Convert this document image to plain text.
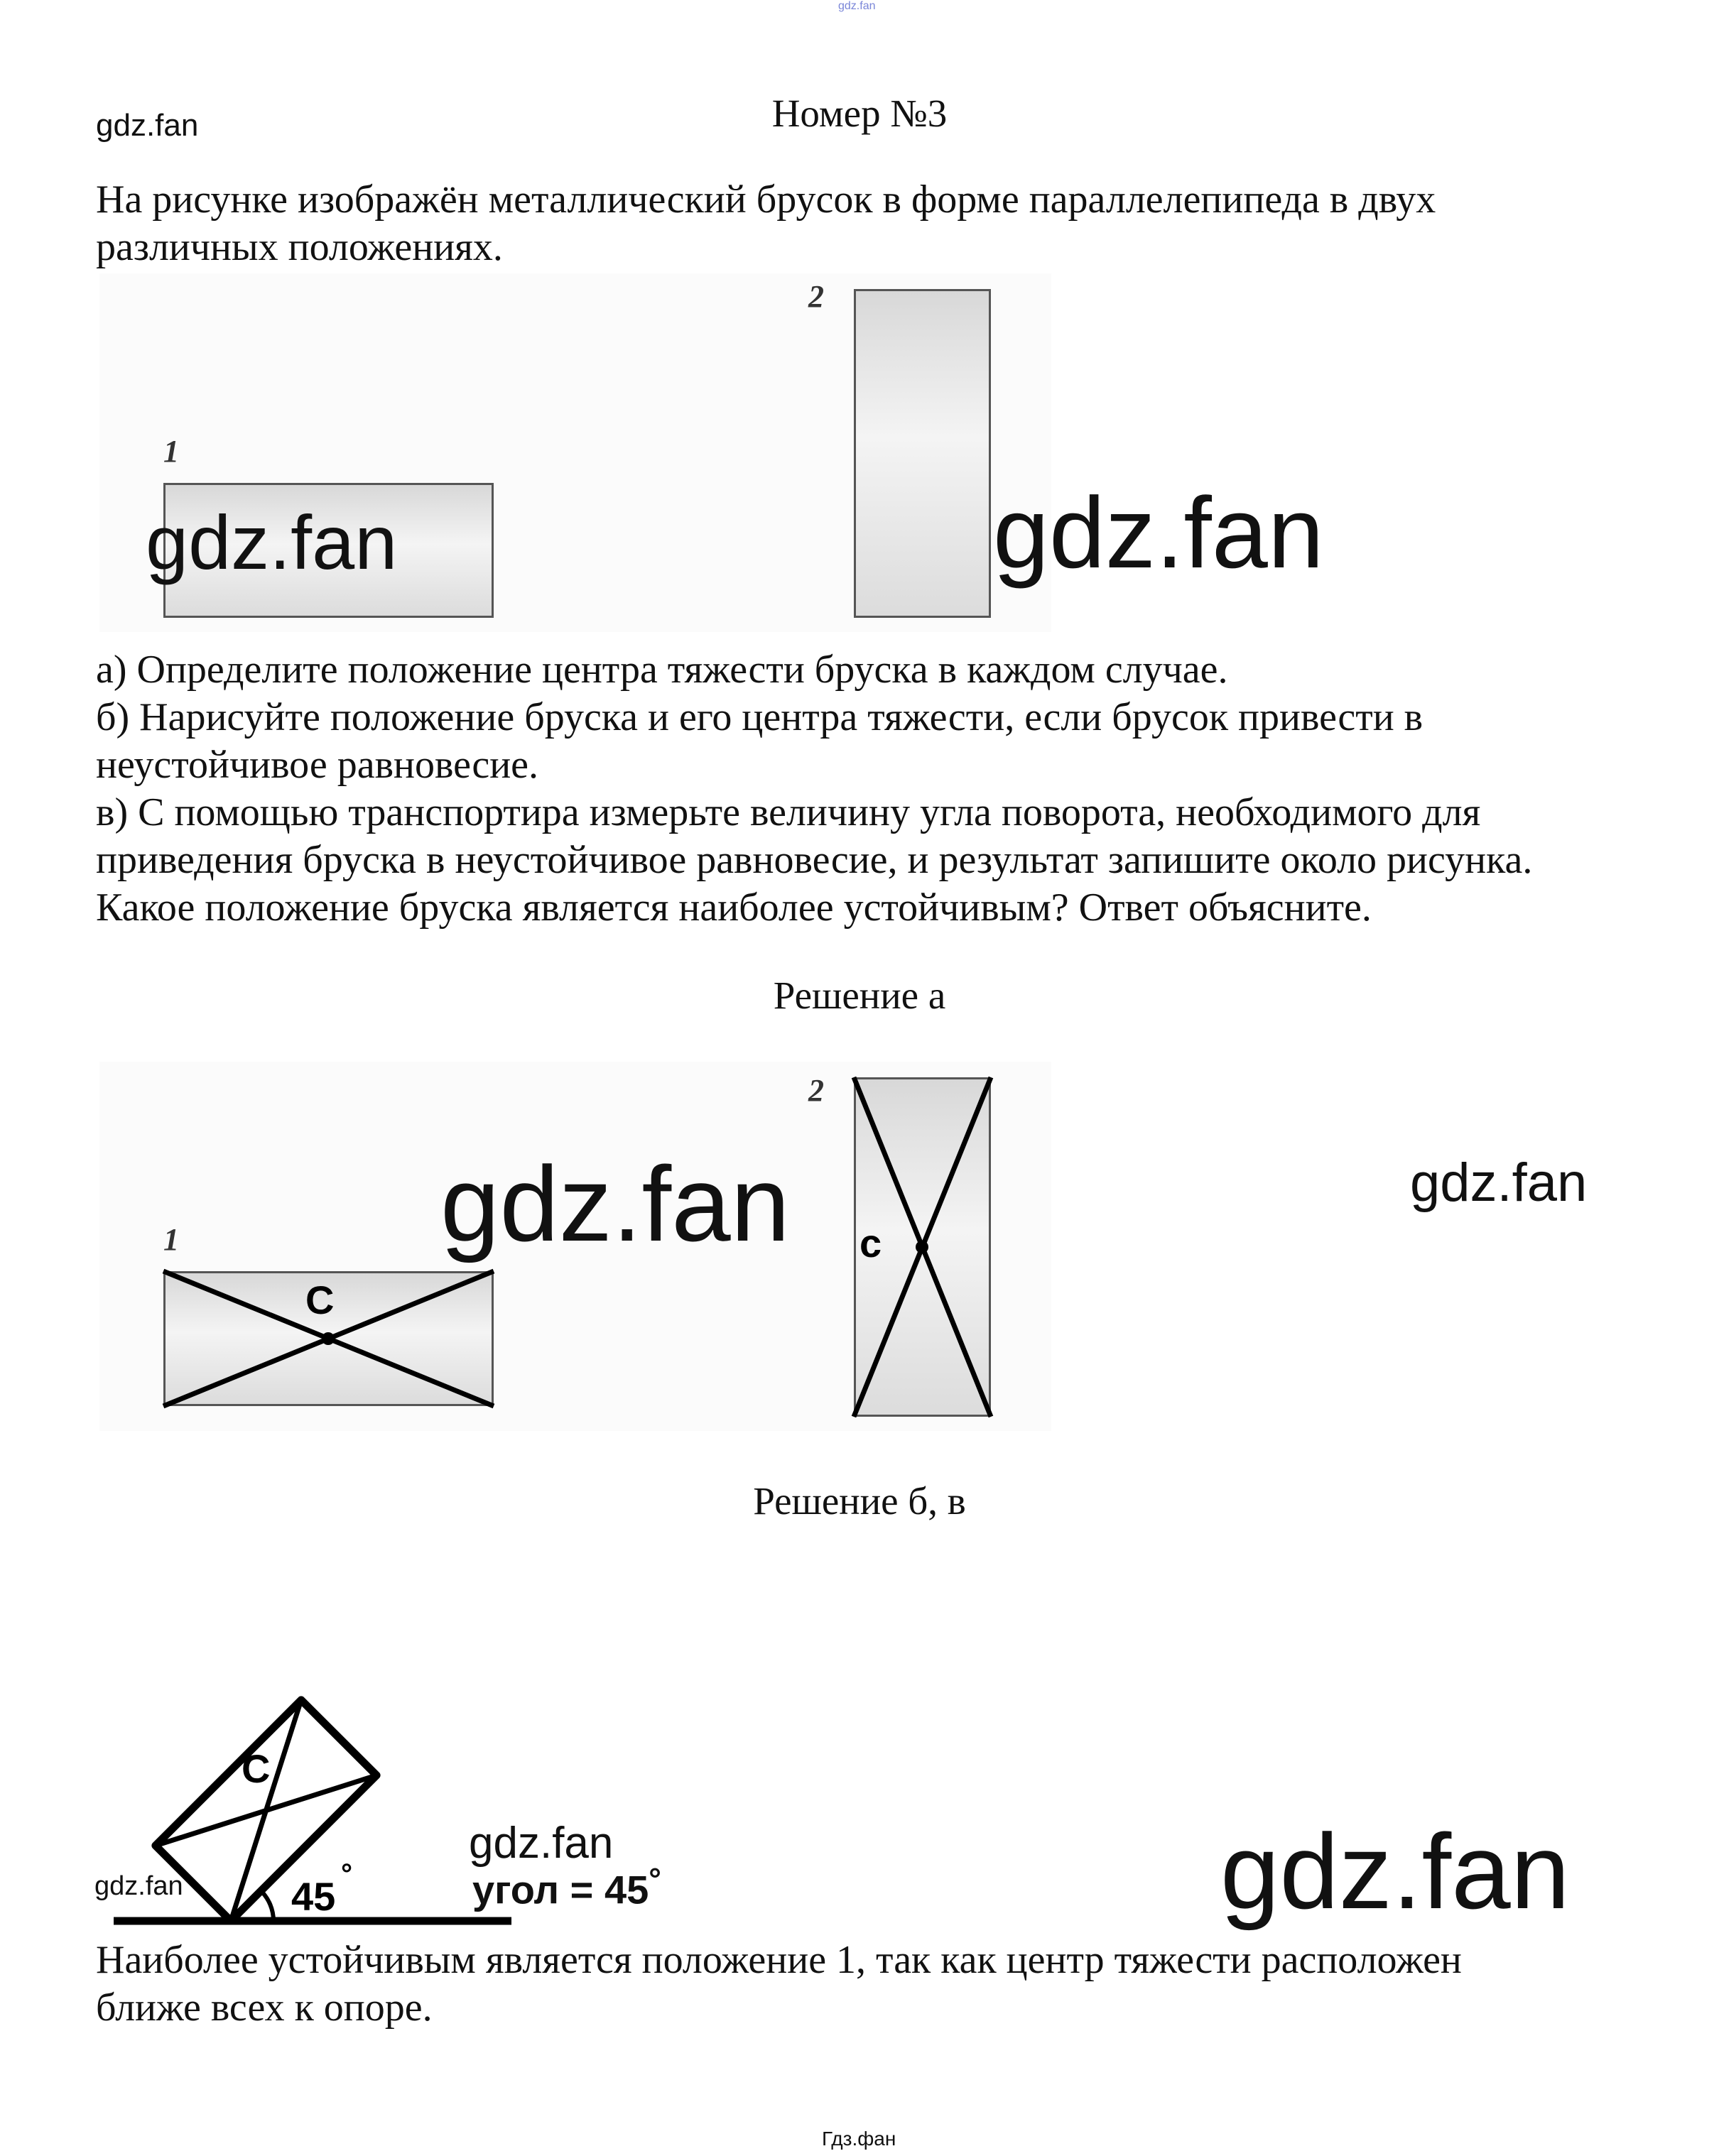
gdz.fan
gdz.fan	Номер №3
На рисунке изображён металлический брусок в форме параллелепипеда в двух
различных положениях.
1
2
gdz.fan	gdz.fan
а) Определите положение центра тяжести бруска в каждом случае.
б) Нарисуйте положение бруска и его центра тяжести, если брусок привести в
неустойчивое равновесие.
в) С помощью транспортира измерьте величину угла поворота, необходимого для
приведения бруска в неустойчивое равновесие, и результат запишите около рисунка.
Какое положение бруска является наиболее устойчивым? Ответ объясните.
Решение а
1
2
C
c
gdz.fan	gdz.fan
Решение б, в
C
45 °
gdz.fan
угол = 45°
gdz.fan	gdz.fan
Наиболее устойчивым является положение 1, так как центр тяжести расположен
ближе всех к опоре.
Гдз.фан
